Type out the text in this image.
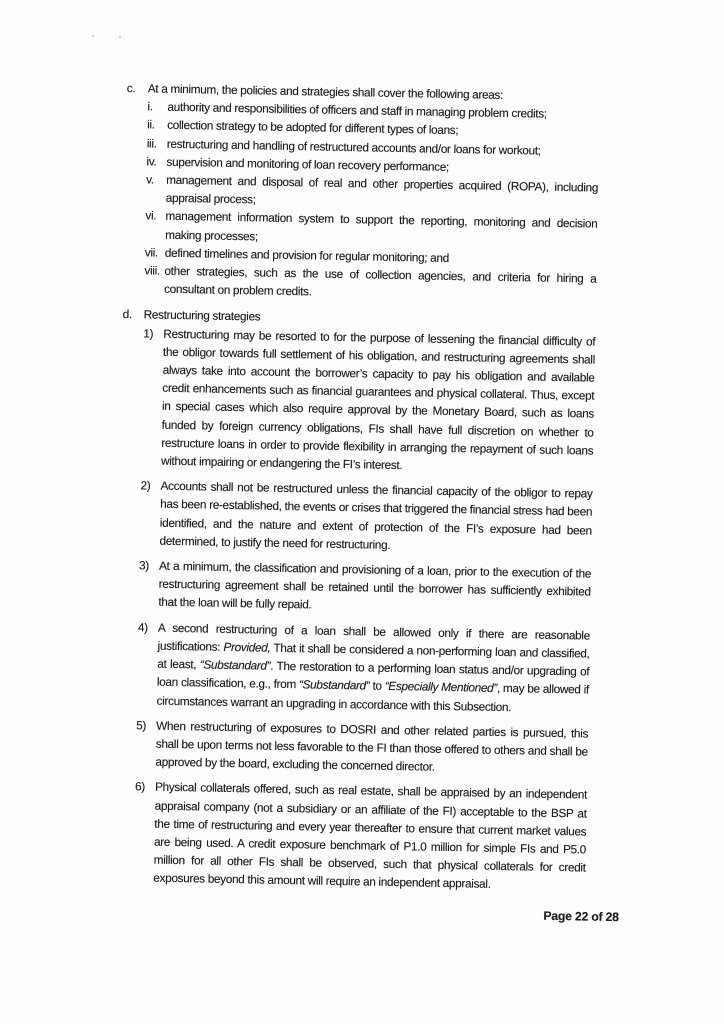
c.	At a minimum, the policies and strategies shall cover the following areas:
i.	authority and responsibilities of officers and staff in managing problem credits;
ii.	collection strategy to be adopted for different types of loans;
iii. restructuring and handling of restructured accounts and/or loans for workout;
iv. supervision and monitoring of loan recovery performance;
v.	management and disposal of real and other properties acquired (ROPA), including appraisal process;
vi. management information system to support the reporting, monitoring and decision making processes;
vii. defined timelines and provision for regular monitoring; and
viii. other strategies, such as the use of collection agencies, and criteria for hiring a consultant on problem credits.
d. Restructuring strategies
1) Restructuring may be resorted to for the purpose of lessening the financial difficulty of the obligor towards full settlement of his obligation, and restructuring agreements shall always take into account the borrower’s capacity to pay his obligation and available credit enhancements such as financial guarantees and physical collateral. Thus, except in special cases which also require approval by the Monetary Board, such as loans funded by foreign currency obligations, FIs shall have full discretion on whether to restructure loans in order to provide flexibility in arranging the repayment of such loans without impairing or endangering the FI’s interest.
2) Accounts shall not be restructured unless the financial capacity of the obligor to repay has been re-established, the events or crises that triggered the financial stress had been identified, and the nature and extent of protection of the FI’s exposure had been determined, to justify the need for restructuring.
3) At a minimum, the classification and provisioning of a loan, prior to the execution of the restructuring agreement shall be retained until the borrower has sufficiently exhibited that the loan will be fully repaid.
4) A second restructuring of a loan shall be allowed only if there are reasonable justifications: Provided, That it shall be considered a non-performing loan and classified, at least, “Substandard”. The restoration to a performing loan status and/or upgrading of loan classification, e.g., from “Substandard” to “Especially Mentioned”, may be allowed if circumstances warrant an upgrading in accordance with this Subsection.
5) When restructuring of exposures to DOSRI and other related parties is pursued, this shall be upon terms not less favorable to the FI than those offered to others and shall be approved by the board, excluding the concerned director.
6) Physical collaterals offered, such as real estate, shall be appraised by an independent appraisal company (not a subsidiary or an affiliate of the FI) acceptable to the BSP at the time of restructuring and every year thereafter to ensure that current market values are being used. A credit exposure benchmark of P1.0 million for simple FIs and P5.0 million for all other FIs shall be observed, such that physical collaterals for credit exposures beyond this amount will require an independent appraisal.
Page 22 of 28
